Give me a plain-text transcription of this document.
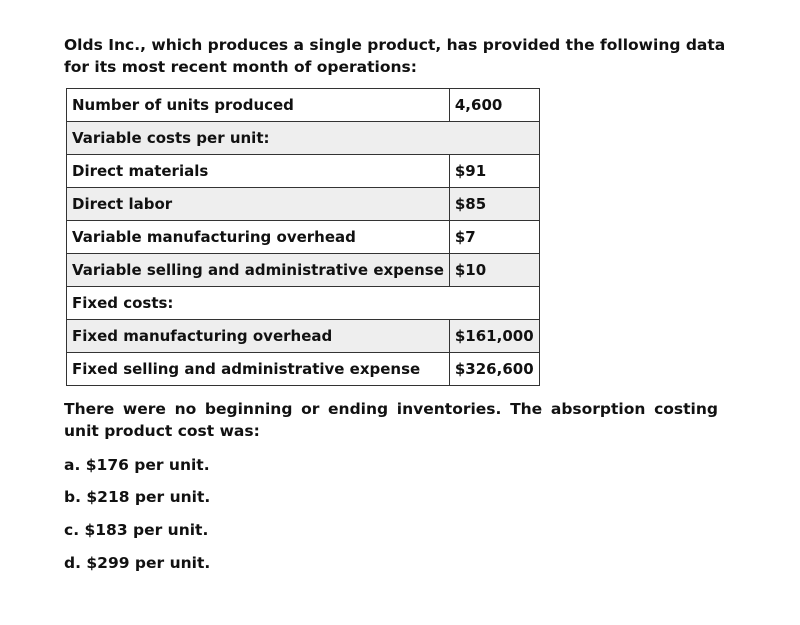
Olds Inc., which produces a single product, has provided the following data for its most recent month of operations:

Number of units produced	4,600
Variable costs per unit:	
Direct materials	$91
Direct labor	$85
Variable manufacturing overhead	$7
Variable selling and administrative expense	$10
Fixed costs:	
Fixed manufacturing overhead	$161,000
Fixed selling and administrative expense	$326,600

There were no beginning or ending inventories. The absorption costing unit product cost was:

a. $176 per unit.

b. $218 per unit.

c. $183 per unit.

d. $299 per unit.
